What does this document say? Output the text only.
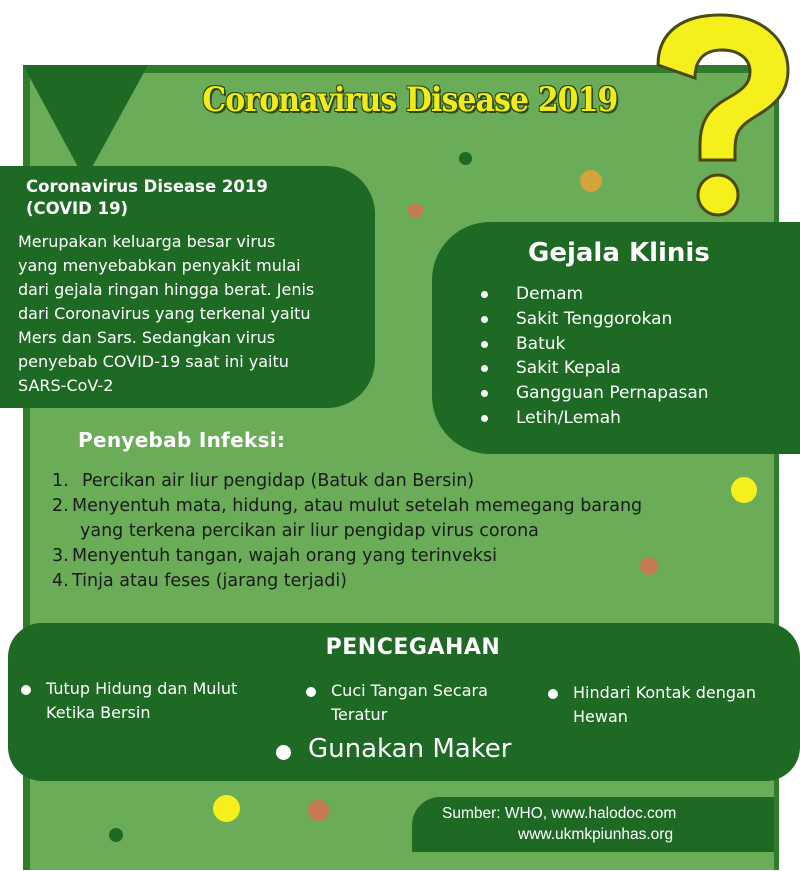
Coronavirus Disease 2019
Coronavirus Disease 2019
(COVID 19)
Merupakan keluarga besar virus
yang menyebabkan penyakit mulai
dari gejala ringan hingga berat. Jenis
dari Coronavirus yang terkenal yaitu
Mers dan Sars. Sedangkan virus
penyebab COVID-19 saat ini yaitu
SARS-CoV-2
Gejala Klinis
Demam
Sakit Tenggorokan
Batuk
Sakit Kepala
Gangguan Pernapasan
Letih/Lemah
Penyebab Infeksi:
1. Percikan air liur pengidap (Batuk dan Bersin)
2. Menyentuh mata, hidung, atau mulut setelah memegang barang
yang terkena percikan air liur pengidap virus corona
3. Menyentuh tangan, wajah orang yang terinveksi
4. Tinja atau feses (jarang terjadi)
PENCEGAHAN
Tutup Hidung dan Mulut
Ketika Bersin
Cuci Tangan Secara
Teratur
Hindari Kontak dengan
Hewan
Gunakan Maker
Sumber: WHO, www.halodoc.com
www.ukmkpiunhas.org
